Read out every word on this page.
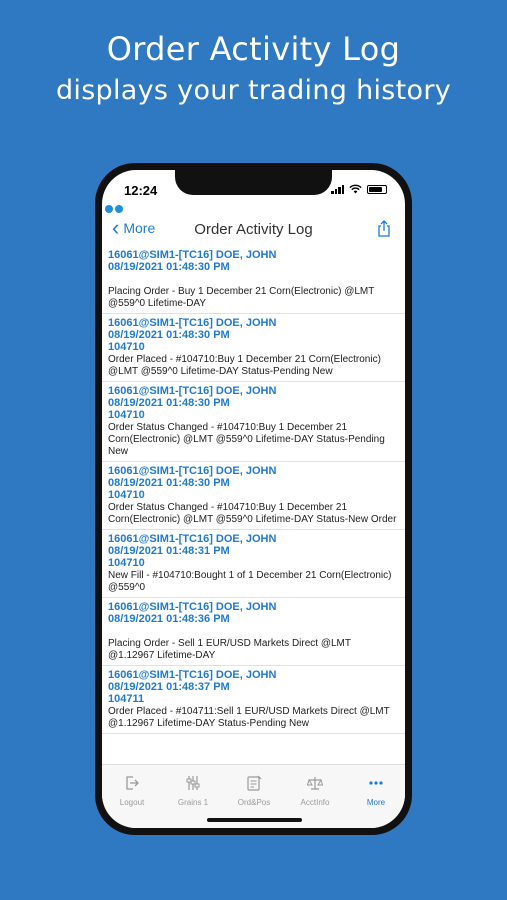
Order Activity Log
displays your trading history
12:24
‹ More	Order Activity Log
16061@SIM1-[TC16] DOE, JOHN
08/19/2021 01:48:30 PM
Placing Order - Buy 1 December 21 Corn(Electronic) @LMT @559^0 Lifetime-DAY
16061@SIM1-[TC16] DOE, JOHN
08/19/2021 01:48:30 PM
104710
Order Placed - #104710:Buy 1 December 21 Corn(Electronic) @LMT @559^0 Lifetime-DAY Status-Pending New
16061@SIM1-[TC16] DOE, JOHN
08/19/2021 01:48:30 PM
104710
Order Status Changed - #104710:Buy 1 December 21 Corn(Electronic) @LMT @559^0 Lifetime-DAY Status-Pending New
16061@SIM1-[TC16] DOE, JOHN
08/19/2021 01:48:30 PM
104710
Order Status Changed - #104710:Buy 1 December 21 Corn(Electronic) @LMT @559^0 Lifetime-DAY Status-New Order
16061@SIM1-[TC16] DOE, JOHN
08/19/2021 01:48:31 PM
104710
New Fill - #104710:Bought 1 of 1 December 21 Corn(Electronic) @559^0
16061@SIM1-[TC16] DOE, JOHN
08/19/2021 01:48:36 PM
Placing Order - Sell 1 EUR/USD Markets Direct @LMT @1.12967 Lifetime-DAY
16061@SIM1-[TC16] DOE, JOHN
08/19/2021 01:48:37 PM
104711
Order Placed - #104711:Sell 1 EUR/USD Markets Direct @LMT @1.12967 Lifetime-DAY Status-Pending New
Logout	Grains 1	Ord&Pos	AcctInfo	More
